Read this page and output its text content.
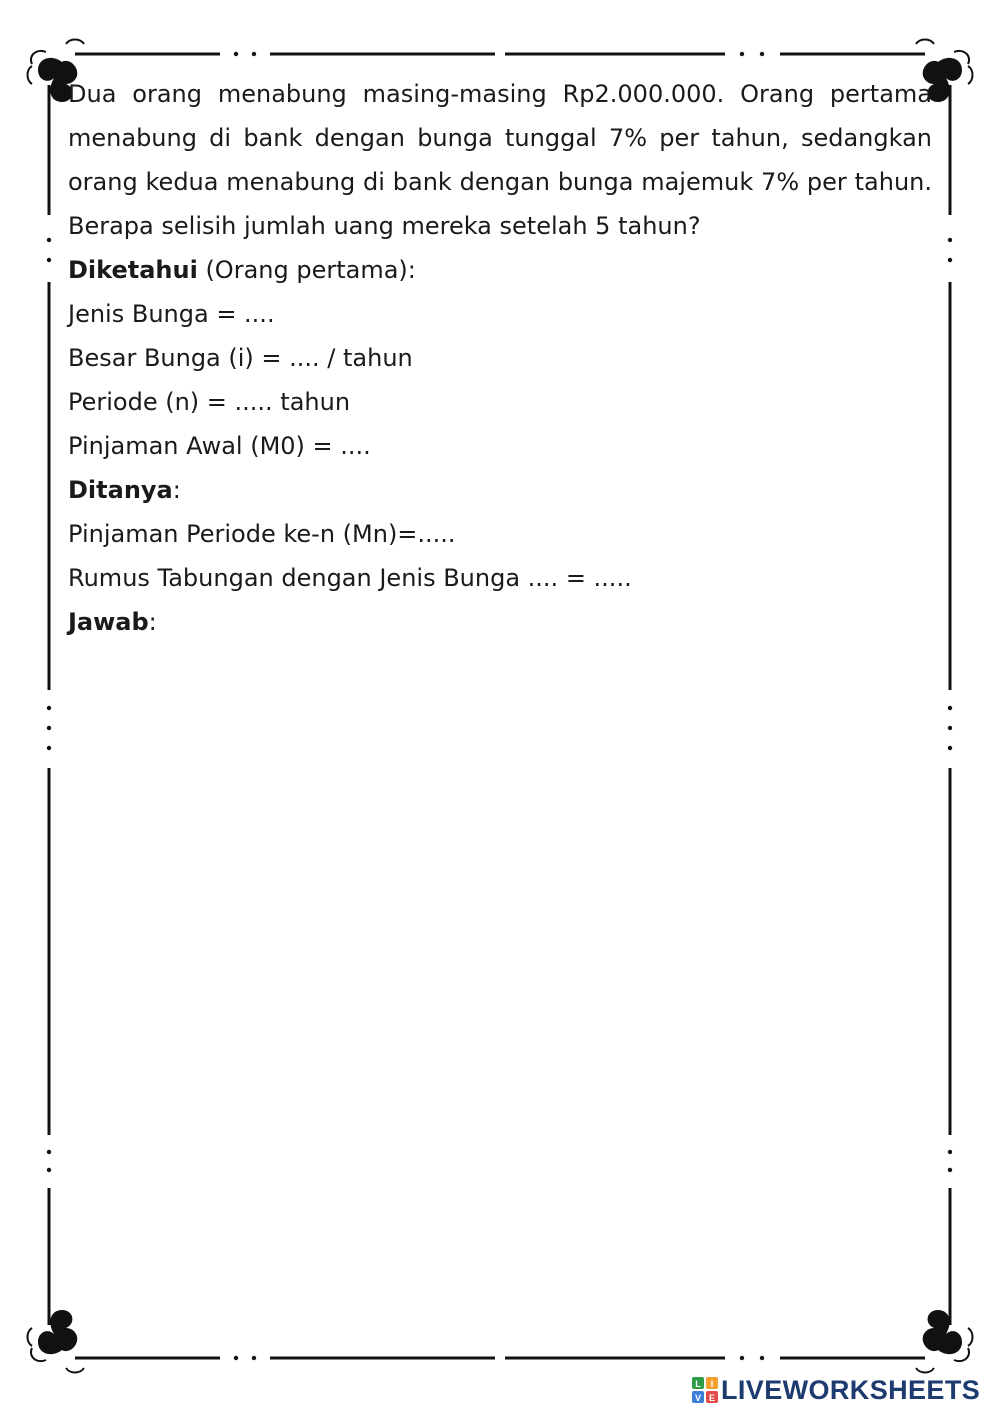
Dua orang menabung masing-masing Rp2.000.000. Orang pertama menabung di bank dengan bunga tunggal 7% per tahun, sedangkan orang kedua menabung di bank dengan bunga majemuk 7% per tahun. Berapa selisih jumlah uang mereka setelah 5 tahun?

Diketahui (Orang pertama):

Jenis Bunga = ....

Besar Bunga (i) = .... / tahun

Periode (n) = ..... tahun

Pinjaman Awal (M0) = ....

Ditanya:

Pinjaman Periode ke-n (Mn)=.....

Rumus Tabungan dengan Jenis Bunga .... = .....

Jawab:

L I
V E LIVEWORKSHEETS
